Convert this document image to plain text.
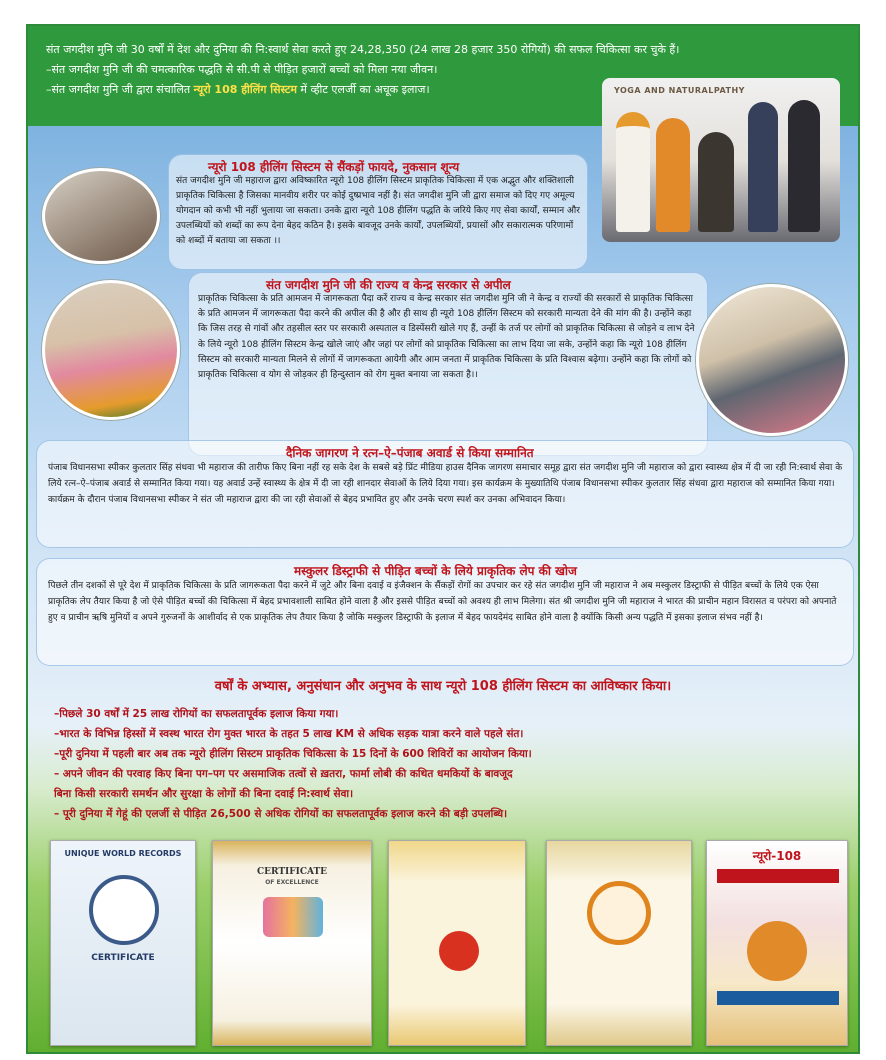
संत जगदीश मुनि जी 30 वर्षों में देश और दुनिया की नि:स्वार्थ सेवा करते हुए 24,28,350 (24 लाख 28 हजार 350 रोगियों) की सफल चिकित्सा कर चुके हैं।
–संत जगदीश मुनि जी की चमत्कारिक पद्धति से सी.पी से पीड़ित हजारों बच्चों को मिला नया जीवन।
–संत जगदीश मुनि जी द्वारा संचालित न्यूरो 108 हीलिंग सिस्टम में व्हीट एलर्जी का अचूक इलाज।	YOGA AND NATURALPATHY
न्यूरो 108 हीलिंग सिस्टम से सैंकड़ों फायदे, नुकसान शून्य
संत जगदीश मुनि जी महाराज द्वारा अविष्कारित न्यूरो 108 हीलिंग सिस्टम प्राकृतिक चिकित्सा में एक अद्भुत और शक्तिशाली प्राकृतिक चिकित्सा है जिसका मानवीय शरीर पर कोई दुष्प्रभाव नहीं है। संत जगदीश मुनि जी द्वारा समाज को दिए गए अमूल्य योगदान को कभी भी नहीं भुलाया जा सकता। उनके द्वारा न्यूरो 108 हीलिंग पद्धति के जरिये किए गए सेवा कार्यों, सम्मान और उपलब्धियों को शब्दों का रूप देना बेहद कठिन है। इसके बावजूद उनके कार्यों, उपलब्धियों, प्रयासों और सकारात्मक परिणामों को शब्दों में बताया जा सकता ।।
संत जगदीश मुनि जी की राज्य व केन्द्र सरकार से अपील
प्राकृतिक चिकित्सा के प्रति आमजन में जागरूकता पैदा करें राज्य व केन्द्र सरकार संत जगदीश मुनि जी ने केन्द्र व राज्यों की सरकारों से प्राकृतिक चिकित्सा के प्रति आमजन में जागरूकता पैदा करने की अपील की है और ही साथ ही न्यूरो 108 हीलिंग सिस्टम को सरकारी मान्यता देने की मांग की है। उन्होंने कहा कि जिस तरह से गांवों और तहसील स्तर पर सरकारी अस्पताल व डिस्पेंसरी खोले गए हैं, उन्हीं के तर्ज पर लोगों को प्राकृतिक चिकित्सा से जोड़ने व लाभ देने के लिये न्यूरो 108 हीलिंग सिस्टम केन्द्र खोले जाएं और जहां पर लोगों को प्राकृतिक चिकित्सा का लाभ दिया जा सके, उन्होंने कहा कि न्यूरो 108 हीलिंग सिस्टम को सरकारी मान्यता मिलने से लोगों में जागरूकता आयेगी और आम जनता में प्राकृतिक चिकित्सा के प्रति विश्वास बढ़ेगा। उन्होंने कहा कि लोगों को प्राकृतिक चिकित्सा व योग से जोड़कर ही हिन्दुस्तान को रोग मुक्त बनाया जा सकता है।।
दैनिक जागरण ने रत्न–ऐ–पंजाब अवार्ड से किया सम्मानित
पंजाब विधानसभा स्पीकर कुलतार सिंह संधवा भी महाराज की तारीफ किए बिना नहीं रह सके देश के सबसे बड़े प्रिंट मीडिया हाउस दैनिक जागरण समाचार समूह द्वारा संत जगदीश मुनि जी महाराज को द्वारा स्वास्थ्य क्षेत्र में दी जा रही नि:स्वार्थ सेवा के लिये रत्न–ऐ–पंजाब अवार्ड से सम्मानित किया गया। यह अवार्ड उन्हें स्वास्थ्य के क्षेत्र में दी जा रही शानदार सेवाओं के लिये दिया गया। इस कार्यक्रम के मुख्यातिथि पंजाब विधानसभा स्पीकर कुलतार सिंह संधवा द्वारा महाराज को सम्मानित किया गया। कार्यक्रम के दौरान पंजाब विधानसभा स्पीकर ने संत जी महाराज द्वारा की जा रही सेवाओं से बेहद प्रभावित हुए और उनके चरण स्पर्श कर उनका अभिवादन किया।
मस्कुलर डिस्ट्राफी से पीड़ित बच्चों के लिये प्राकृतिक लेप की खोज
पिछले तीन दशकों से पूरे देश में प्राकृतिक चिकित्सा के प्रति जागरूकता पैदा करने में जुटे और बिना दवाई व इंजैक्शन के सैंकड़ों रोगों का उपचार कर रहे संत जगदीश मुनि जी महाराज ने अब मस्कुलर डिस्ट्राफी से पीड़ित बच्चों के लिये एक ऐसा प्राकृतिक लेप तैयार किया है जो ऐसे पीड़ित बच्चों की चिकित्सा में बेहद प्रभावशाली साबित होने वाला है और इससे पीड़ित बच्चों को अवश्य ही लाभ मिलेगा। संत श्री जगदीश मुनि जी महाराज ने भारत की प्राचीन महान विरासत व परंपरा को अपनाते हुए व प्राचीन ऋषि मुनियों व अपने गुरुजनों के आशीर्वाद से एक प्राकृतिक लेप तैयार किया है जोकि मस्कुलर डिस्ट्राफी के इलाज में बेहद फायदेमंद साबित होने वाला है क्योंकि किसी अन्य पद्धति में इसका इलाज संभव नहीं है।
वर्षों के अभ्यास, अनुसंधान और अनुभव के साथ न्यूरो 108 हीलिंग सिस्टम का आविष्कार किया।
–पिछले 30 वर्षों में 25 लाख रोगियों का सफलतापूर्वक इलाज किया गया।
–भारत के विभिन्न हिस्सों में स्वस्थ भारत रोग मुक्त भारत के तहत 5 लाख KM से अधिक सड़क यात्रा करने वाले पहले संत।
–पूरी दुनिया में पहली बार अब तक न्यूरो हीलिंग सिस्टम प्राकृतिक चिकित्सा के 15 दिनों के 600 शिविरों का आयोजन किया।
– अपने जीवन की परवाह किए बिना पग–पग पर असमाजिक तत्वों से ख़तरा, फार्मा लोबी की कथित धमकियों के बावजूद
बिना किसी सरकारी समर्थन और सुरक्षा के लोगों की बिना दवाई नि:स्वार्थ सेवा।
– पूरी दुनिया में गेहूं की एलर्जी से पीड़ित 26,500 से अधिक रोगियों का सफलतापूर्वक इलाज करने की बड़ी उपलब्धि।
UNIQUE WORLD RECORDS
CERTIFICATE
CERTIFICATE
OF EXCELLENCE
न्यूरो-108
